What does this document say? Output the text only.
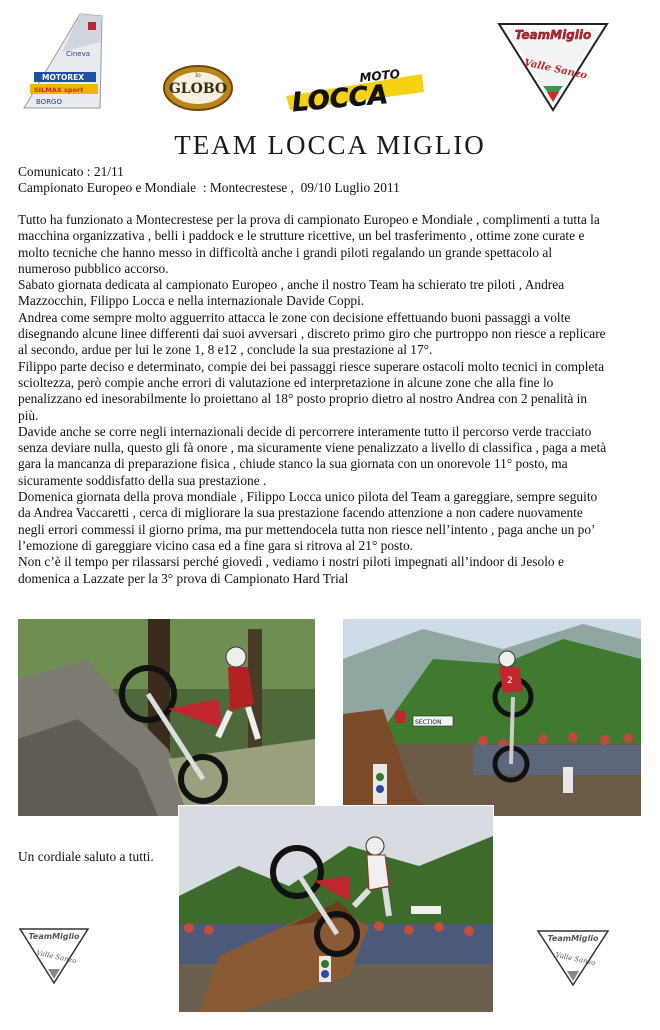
Cineva
MOTOREX
SILMAX sport
BORGO
lo
GLOBO
MOTO
LOCCA
TeamMiglio
Valle Sanzo
TEAM LOCCA MIGLIO
Comunicato : 21/11
Campionato Europeo e Mondiale  : Montecrestese ,  09/10 Luglio 2011

Tutto ha funzionato a Montecrestese per la prova di campionato Europeo e Mondiale , complimenti a tutta la

macchina organizzativa , belli i paddock e le strutture ricettive, un bel trasferimento , ottime zone curate e

molto tecniche che hanno messo in difficoltà anche i grandi piloti regalando un grande spettacolo al

numeroso pubblico accorso.

Sabato giornata dedicata al campionato Europeo , anche il nostro Team ha schierato tre piloti , Andrea

Mazzocchin, Filippo Locca e nella internazionale Davide Coppi.

Andrea come sempre molto agguerrito attacca le zone con decisione effettuando buoni passaggi a volte

disegnando alcune linee differenti dai suoi avversari , discreto primo giro che purtroppo non riesce a replicare

al secondo, ardue per lui le zone 1, 8 e12 , conclude la sua prestazione al 17°.

Filippo parte deciso e determinato, compie dei bei passaggi riesce superare ostacoli molto tecnici in completa

scioltezza, però compie anche errori di valutazione ed interpretazione in alcune zone che alla fine lo

penalizzano ed inesorabilmente lo proiettano al 18° posto proprio dietro al nostro Andrea con 2 penalità in

più.

Davide anche se corre negli internazionali decide di percorrere interamente tutto il percorso verde tracciato

senza deviare nulla, questo gli fà onore , ma sicuramente viene penalizzato a livello di classifica , paga a metà

gara la mancanza di preparazione fisica , chiude stanco la sua giornata con un onorevole 11° posto, ma

sicuramente soddisfatto della sua prestazione .

Domenica giornata della prova mondiale , Filippo Locca unico pilota del Team a gareggiare, sempre seguito

da Andrea Vaccaretti , cerca di migliorare la sua prestazione facendo attenzione a non cadere nuovamente

negli errori commessi il giorno prima, ma pur mettendocela tutta non riesce nell’intento , paga anche un po’

l’emozione di gareggiare vicino casa ed a fine gara si ritrova al 21° posto.

Non c’è il tempo per rilassarsi perché giovedì , vediamo i nostri piloti impegnati all’indoor di Jesolo e

domenica a Lazzate per la 3° prova di Campionato Hard Trial

SECTION
2
Un cordiale saluto a tutti.
TeamMiglio
Valle Sanzo
TeamMiglio
Valle Sanzo
